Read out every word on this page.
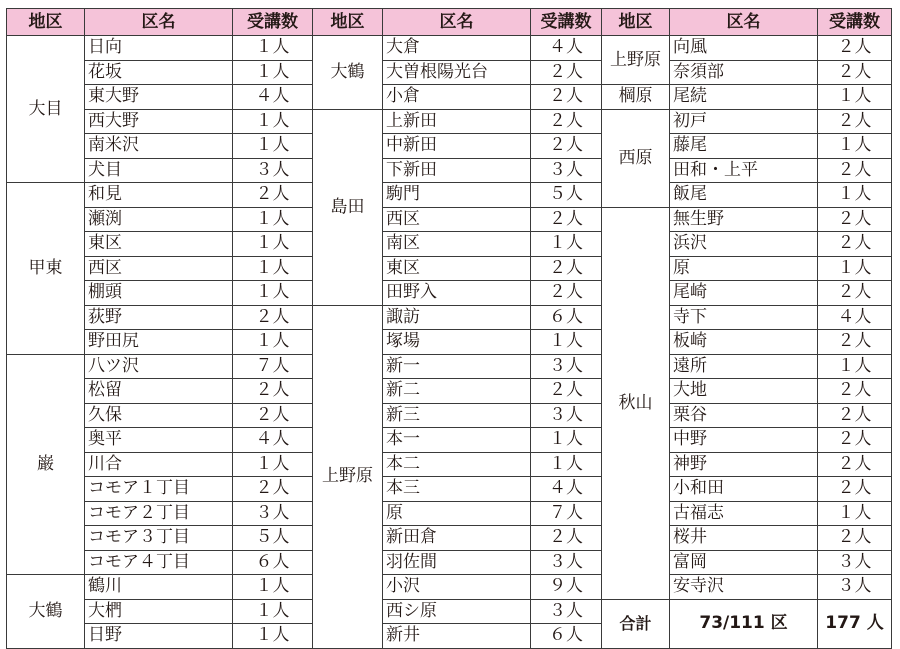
地区	区名	受講数	地区	区名	受講数	地区	区名	受講数
大目	日向	１人	大鶴	大倉	４人	上野原	向風	２人
	花坂	１人		大曽根陽光台	２人		奈須部	２人
	東大野	４人		小倉	２人	棡原	尾続	１人
	西大野	１人	島田	上新田	２人	西原	初戸	２人
	南米沢	１人		中新田	２人		藤尾	１人
	犬目	３人		下新田	３人		田和・上平	２人
甲東	和見	２人		駒門	５人		飯尾	１人
	瀬渕	１人		西区	２人	秋山	無生野	２人
	東区	１人		南区	１人		浜沢	２人
	西区	１人		東区	２人		原	１人
	棚頭	１人		田野入	２人		尾崎	２人
	荻野	２人	上野原	諏訪	６人		寺下	４人
	野田尻	１人		塚場	１人		板崎	２人
巌	八ツ沢	７人		新一	３人		遠所	１人
	松留	２人		新二	２人		大地	２人
	久保	２人		新三	３人		栗谷	２人
	奥平	４人		本一	１人		中野	２人
	川合	１人		本二	１人		神野	２人
	コモア１丁目	２人		本三	４人		小和田	２人
	コモア２丁目	３人		原	７人		古福志	１人
	コモア３丁目	５人		新田倉	２人		桜井	２人
	コモア４丁目	６人		羽佐間	３人		富岡	３人
大鶴	鶴川	１人		小沢	９人		安寺沢	３人
	大椚	１人		西シ原	３人	合計	73/111 区	177 人
	日野	１人		新井	６人			
